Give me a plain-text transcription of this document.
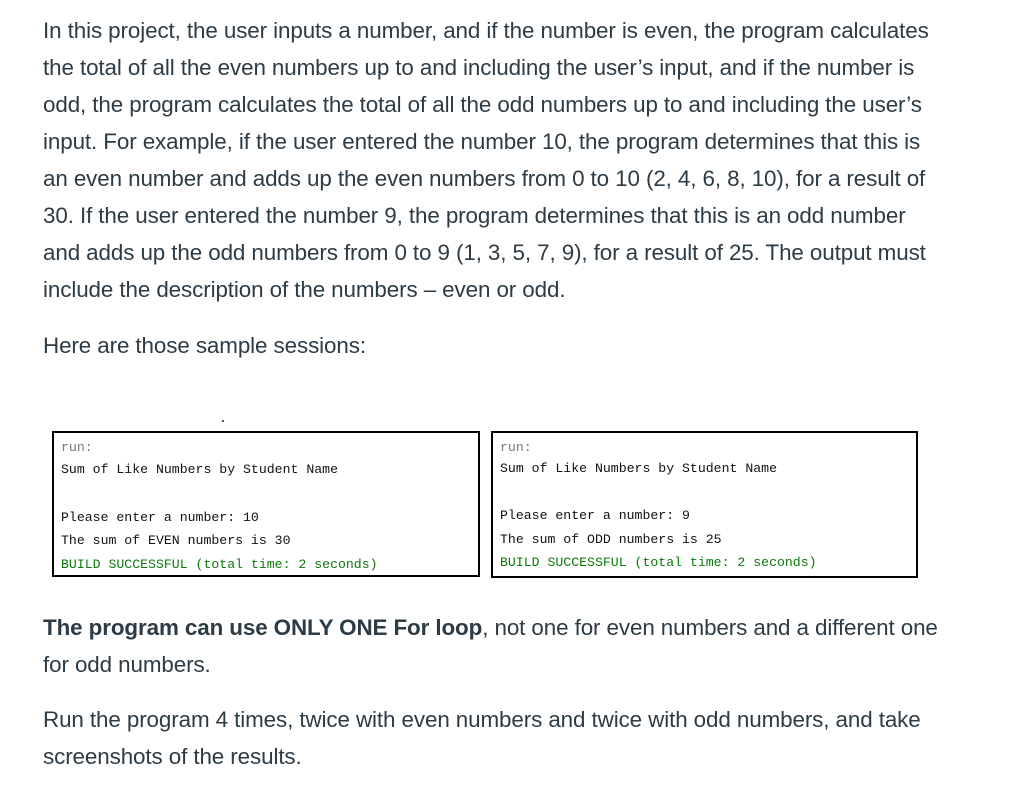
In this project, the user inputs a number, and if the number is even, the program calculates the total of all the even numbers up to and including the user’s input, and if the number is odd, the program calculates the total of all the odd numbers up to and including the user’s input. For example, if the user entered the number 10, the program determines that this is an even number and adds up the even numbers from 0 to 10 (2, 4, 6, 8, 10), for a result of 30. If the user entered the number 9, the program determines that this is an odd number and adds up the odd numbers from 0 to 9 (1, 3, 5, 7, 9), for a result of 25. The output must include the description of the numbers – even or odd.

Here are those sample sessions:

run:
Sum of Like Numbers by Student Name
Please enter a number: 10
The sum of EVEN numbers is 30
BUILD SUCCESSFUL (total time: 2 seconds)
run:
Sum of Like Numbers by Student Name
Please enter a number: 9
The sum of ODD numbers is 25
BUILD SUCCESSFUL (total time: 2 seconds)

The program can use ONLY ONE For loop, not one for even numbers and a different one for odd numbers.

Run the program 4 times, twice with even numbers and twice with odd numbers, and take screenshots of the results.
